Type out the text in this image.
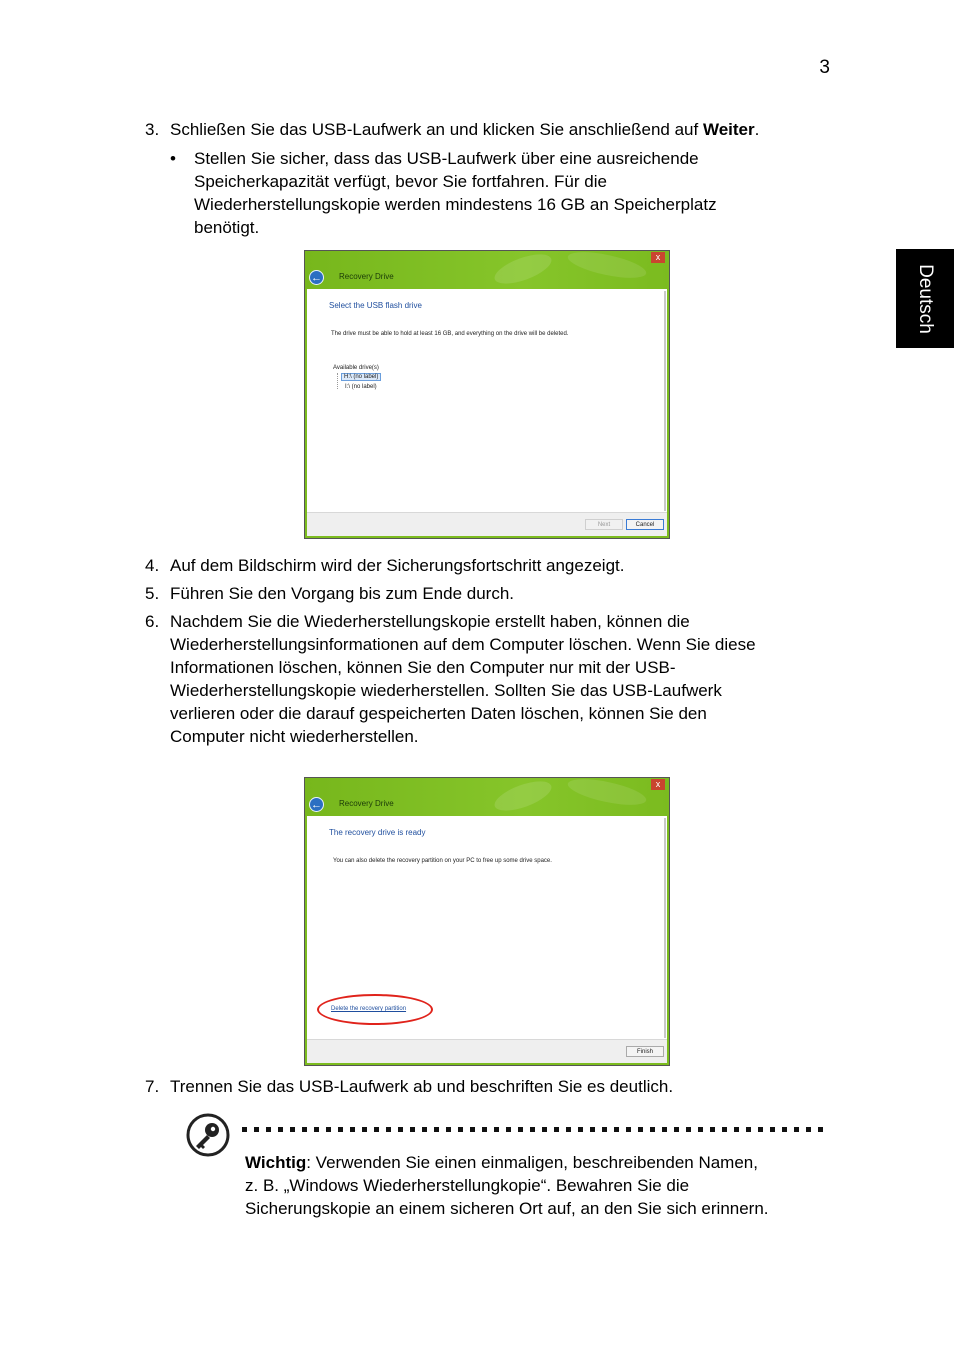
3
Deutsch
3. Schließen Sie das USB-Laufwerk an und klicken Sie anschließend auf Weiter.
• Stellen Sie sicher, dass das USB-Laufwerk über eine ausreichende
Speicherkapazität verfügt, bevor Sie fortfahren. Für die
Wiederherstellungskopie werden mindestens 16 GB an Speicherplatz
benötigt.
x
← Recovery Drive
Select the USB flash drive
The drive must be able to hold at least 16 GB, and everything on the drive will be deleted.
Available drive(s)
H:\ (no label)
I:\ (no label)
Next	Cancel
4. Auf dem Bildschirm wird der Sicherungsfortschritt angezeigt.
5. Führen Sie den Vorgang bis zum Ende durch.
6. Nachdem Sie die Wiederherstellungskopie erstellt haben, können die
Wiederherstellungsinformationen auf dem Computer löschen. Wenn Sie diese
Informationen löschen, können Sie den Computer nur mit der USB-
Wiederherstellungskopie wiederherstellen. Sollten Sie das USB-Laufwerk
verlieren oder die darauf gespeicherten Daten löschen, können Sie den
Computer nicht wiederherstellen.
x
← Recovery Drive
The recovery drive is ready
You can also delete the recovery partition on your PC to free up some drive space.
Delete the recovery partition
Finish
7. Trennen Sie das USB-Laufwerk ab und beschriften Sie es deutlich.
Wichtig: Verwenden Sie einen einmaligen, beschreibenden Namen,
z. B. „Windows Wiederherstellungkopie“. Bewahren Sie die
Sicherungskopie an einem sicheren Ort auf, an den Sie sich erinnern.
